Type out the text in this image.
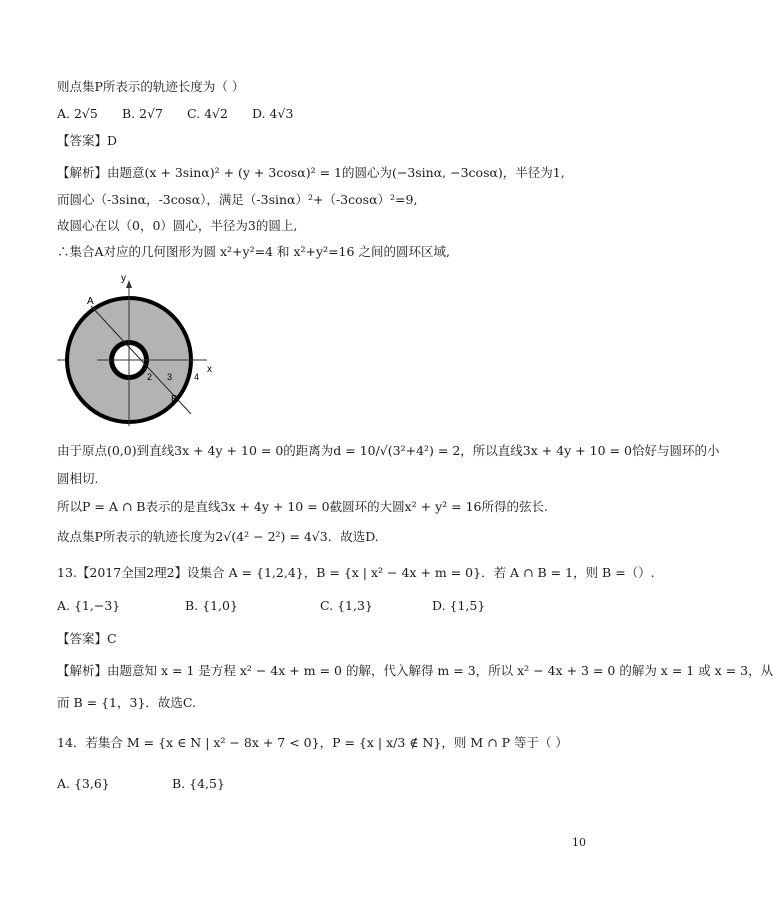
则点集P所表示的轨迹长度为（ ）
A. 2√5 B. 2√7 C. 4√2 D. 4√3
【答案】D
【解析】由题意(x + 3sinα)² + (y + 3cosα)² = 1的圆心为(−3sinα, −3cosα)，半径为1,
而圆心（-3sinα，-3cosα），满足（-3sinα）²+（-3cosα）²=9,
故圆心在以（0，0）圆心，半径为3的圆上,
∴集合A对应的几何图形为圆 x²+y²=4 和 x²+y²=16 之间的圆环区域,
y
x
A
B
2 3 4
由于原点(0,0)到直线3x + 4y + 10 = 0的距离为d = 10/√(3²+4²) = 2，所以直线3x + 4y + 10 = 0恰好与圆环的小
圆相切.
所以P = A ∩ B表示的是直线3x + 4y + 10 = 0截圆环的大圆x² + y² = 16所得的弦长.
故点集P所表示的轨迹长度为2√(4² − 2²) = 4√3．故选D.
13.【2017全国2理2】设集合 A = {1,2,4}，B = {x | x² − 4x + m = 0}．若 A ∩ B = 1，则 B =（）.
A. {1,−3}	B. {1,0}	C. {1,3}	D. {1,5}
【答案】C
【解析】由题意知 x = 1 是方程 x² − 4x + m = 0 的解，代入解得 m = 3，所以 x² − 4x + 3 = 0 的解为 x = 1 或 x = 3，从
而 B = {1，3}．故选C.
14．若集合 M = {x ∈ N | x² − 8x + 7 < 0}，P = {x | x/3 ∉ N}，则 M ∩ P 等于（ ）
A. {3,6}	B. {4,5}
10
